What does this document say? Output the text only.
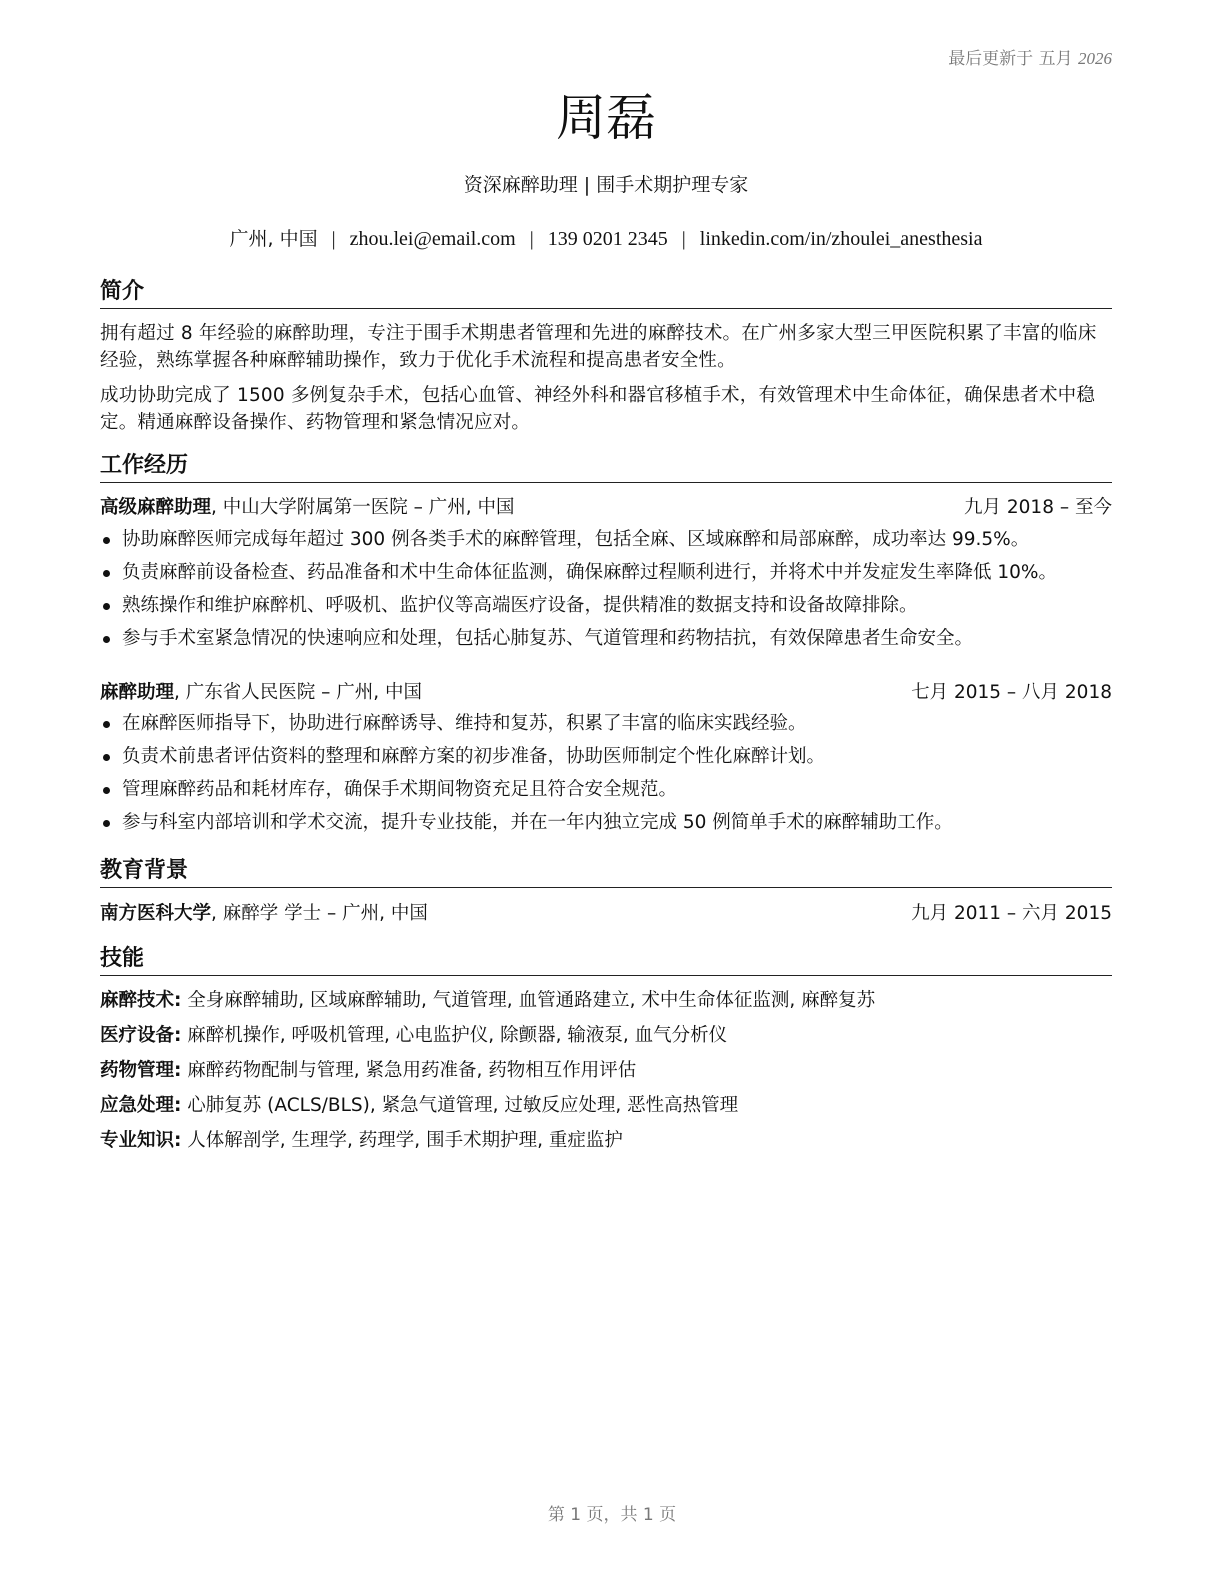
最后更新于 五月 2026
周磊
资深麻醉助理 | 围手术期护理专家
广州, 中国 | zhou.lei@email.com | 139 0201 2345 | linkedin.com/in/zhoulei_anesthesia
简介
拥有超过 8 年经验的麻醉助理，专注于围手术期患者管理和先进的麻醉技术。在广州多家大型三甲医院积累了丰富的临床经验，熟练掌握各种麻醉辅助操作，致力于优化手术流程和提高患者安全性。
成功协助完成了 1500 多例复杂手术，包括心血管、神经外科和器官移植手术，有效管理术中生命体征，确保患者术中稳定。精通麻醉设备操作、药物管理和紧急情况应对。
工作经历
高级麻醉助理, 中山大学附属第一医院 – 广州, 中国	九月 2018 – 至今
协助麻醉医师完成每年超过 300 例各类手术的麻醉管理，包括全麻、区域麻醉和局部麻醉，成功率达 99.5%。
负责麻醉前设备检查、药品准备和术中生命体征监测，确保麻醉过程顺利进行，并将术中并发症发生率降低 10%。
熟练操作和维护麻醉机、呼吸机、监护仪等高端医疗设备，提供精准的数据支持和设备故障排除。
参与手术室紧急情况的快速响应和处理，包括心肺复苏、气道管理和药物拮抗，有效保障患者生命安全。
麻醉助理, 广东省人民医院 – 广州, 中国	七月 2015 – 八月 2018
在麻醉医师指导下，协助进行麻醉诱导、维持和复苏，积累了丰富的临床实践经验。
负责术前患者评估资料的整理和麻醉方案的初步准备，协助医师制定个性化麻醉计划。
管理麻醉药品和耗材库存，确保手术期间物资充足且符合安全规范。
参与科室内部培训和学术交流，提升专业技能，并在一年内独立完成 50 例简单手术的麻醉辅助工作。
教育背景
南方医科大学, 麻醉学 学士 – 广州, 中国	九月 2011 – 六月 2015
技能
麻醉技术: 全身麻醉辅助, 区域麻醉辅助, 气道管理, 血管通路建立, 术中生命体征监测, 麻醉复苏
医疗设备: 麻醉机操作, 呼吸机管理, 心电监护仪, 除颤器, 输液泵, 血气分析仪
药物管理: 麻醉药物配制与管理, 紧急用药准备, 药物相互作用评估
应急处理: 心肺复苏 (ACLS/BLS), 紧急气道管理, 过敏反应处理, 恶性高热管理
专业知识: 人体解剖学, 生理学, 药理学, 围手术期护理, 重症监护
第 1 页，共 1 页
